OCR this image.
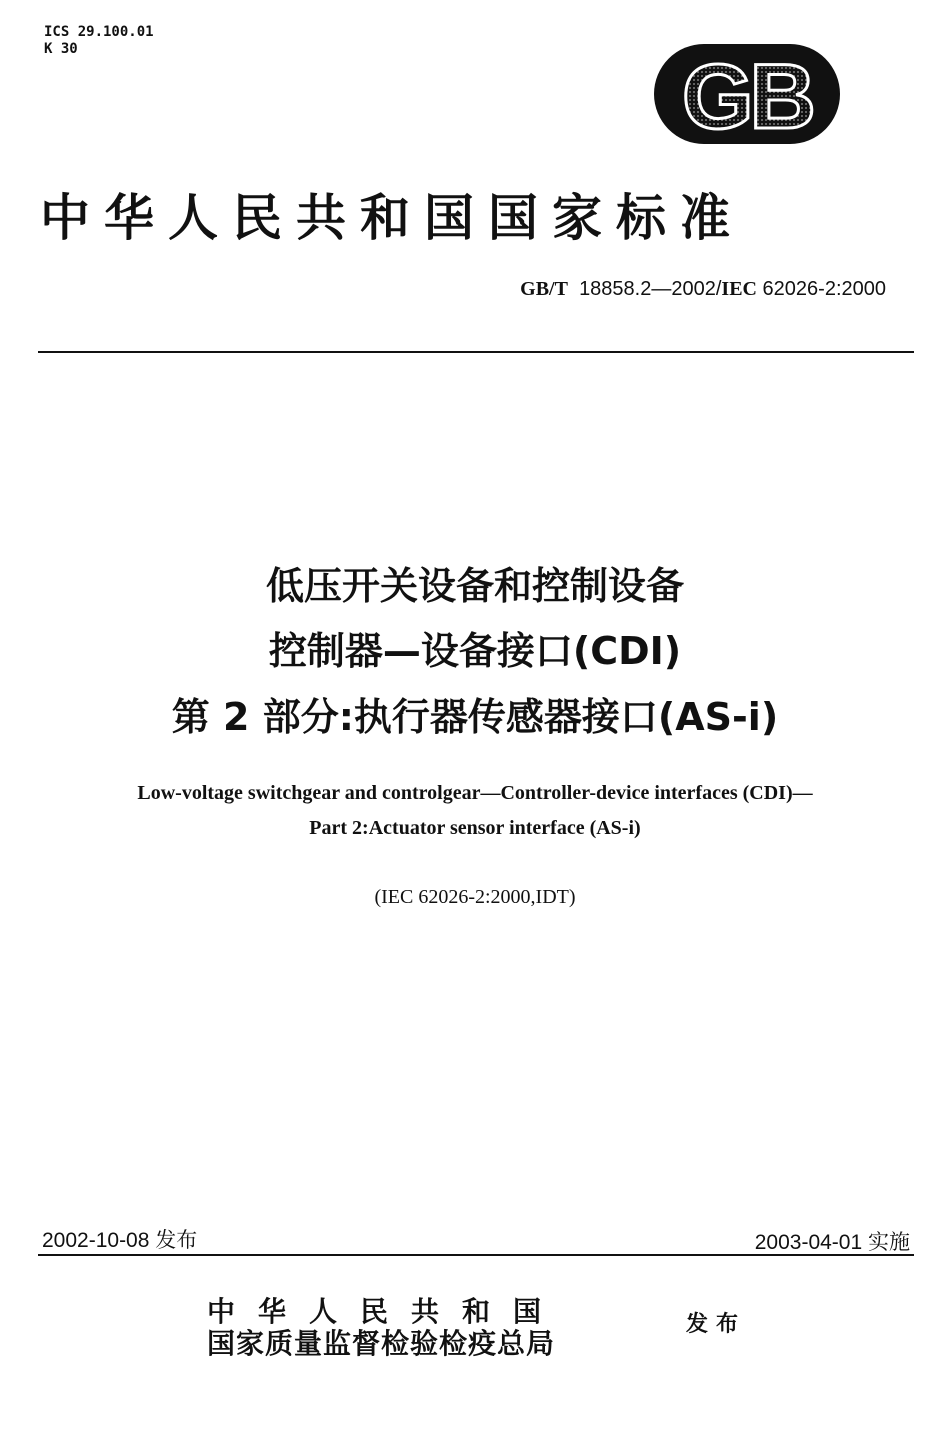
ICS 29.100.01
K 30	GB
中华人民共和国国家标准
GB/T 18858.2—2002/IEC 62026-2:2000
低压开关设备和控制设备
控制器—设备接口(CDI)
第 2 部分:执行器传感器接口(AS-i)
Low-voltage switchgear and controlgear—Controller-device interfaces (CDI)—
Part 2:Actuator sensor interface (AS-i)
(IEC 62026-2:2000,IDT)
2002-10-08 发布	2003-04-01 实施
中华人民共和国
国家质量监督检验检疫总局
发布
